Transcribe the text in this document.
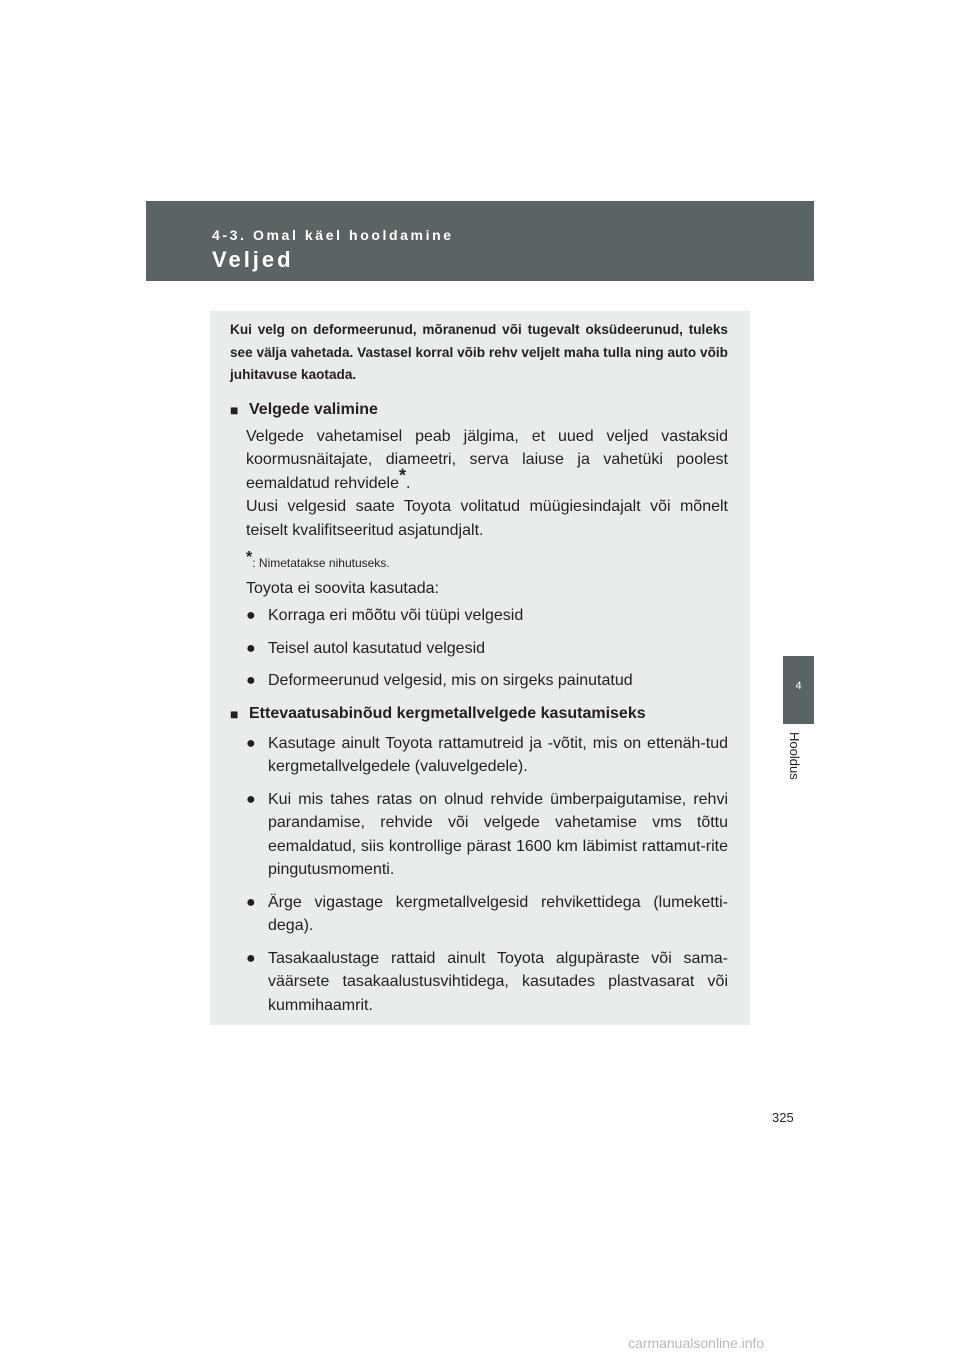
4-3. Omal käel hooldamine
Veljed
4
Hooldus

Kui velg on deformeerunud, mõranenud või tugevalt oksüdeerunud, tuleks see välja vahetada. Vastasel korral võib rehv veljelt maha tulla ning auto võib juhitavuse kaotada.

■ Velgede valimine

Velgede vahetamisel peab jälgima, et uued veljed vastaksid koormusnäitajate, diameetri, serva laiuse ja vahetüki poolest eemaldatud rehvidele*.

Uusi velgesid saate Toyota volitatud müügiesindajalt või mõnelt teiselt kvalifitseeritud asjatundjalt.

*: Nimetatakse nihutuseks.
Toyota ei soovita kasutada:
● Korraga eri mõõtu või tüüpi velgesid
● Teisel autol kasutatud velgesid
● Deformeerunud velgesid, mis on sirgeks painutatud
■ Ettevaatusabinõud kergmetallvelgede kasutamiseks
● Kasutage ainult Toyota rattamutreid ja -võtit, mis on ettenäh-tud kergmetallvelgedele (valuvelgedele).
● Kui mis tahes ratas on olnud rehvide ümberpaigutamise, rehvi parandamise, rehvide või velgede vahetamise vms tõttu eemaldatud, siis kontrollige pärast 1600 km läbimist rattamut-rite pingutusmomenti.
● Ärge vigastage kergmetallvelgesid rehvikettidega (lumeketti-dega).
● Tasakaalustage rattaid ainult Toyota algupäraste või sama-väärsete tasakaalustusvihtidega, kasutades plastvasarat või kummihaamrit.
325
carmanualsonline.info
